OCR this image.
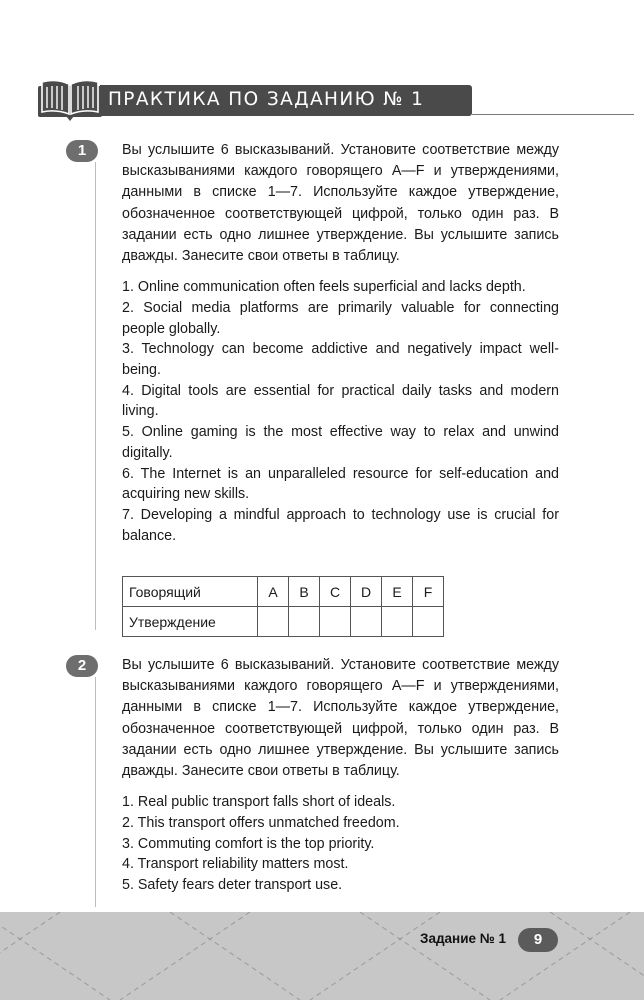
ПРАКТИКА ПО ЗАДАНИЮ № 1
1	Вы услышите 6 высказываний. Установите соответствие между высказываниями каждого говорящего A—F и утверждениями, данными в списке 1—7. Используйте каждое утверждение, обозначенное соответствующей цифрой, только один раз. В задании есть одно лишнее утверждение. Вы услышите запись дважды. Занесите свои ответы в таблицу.

1. Online communication often feels superficial and lacks depth.
2. Social media platforms are primarily valuable for connecting people globally.
3. Technology can become addictive and negatively impact well-being.
4. Digital tools are essential for practical daily tasks and modern living.
5. Online gaming is the most effective way to relax and unwind digitally.
6. The Internet is an unparalleled resource for self-education and acquiring new skills.
7. Developing a mindful approach to technology use is crucial for balance.
Говорящий	A	B	C	D	E	F
Утверждение						
2	Вы услышите 6 высказываний. Установите соответствие между высказываниями каждого говорящего A—F и утверждениями, данными в списке 1—7. Используйте каждое утверждение, обозначенное соответствующей цифрой, только один раз. В задании есть одно лишнее утверждение. Вы услышите запись дважды. Занесите свои ответы в таблицу.

1. Real public transport falls short of ideals.
2. This transport offers unmatched freedom.
3. Commuting comfort is the top priority.
4. Transport reliability matters most.
5. Safety fears deter transport use.
Задание № 1	9
